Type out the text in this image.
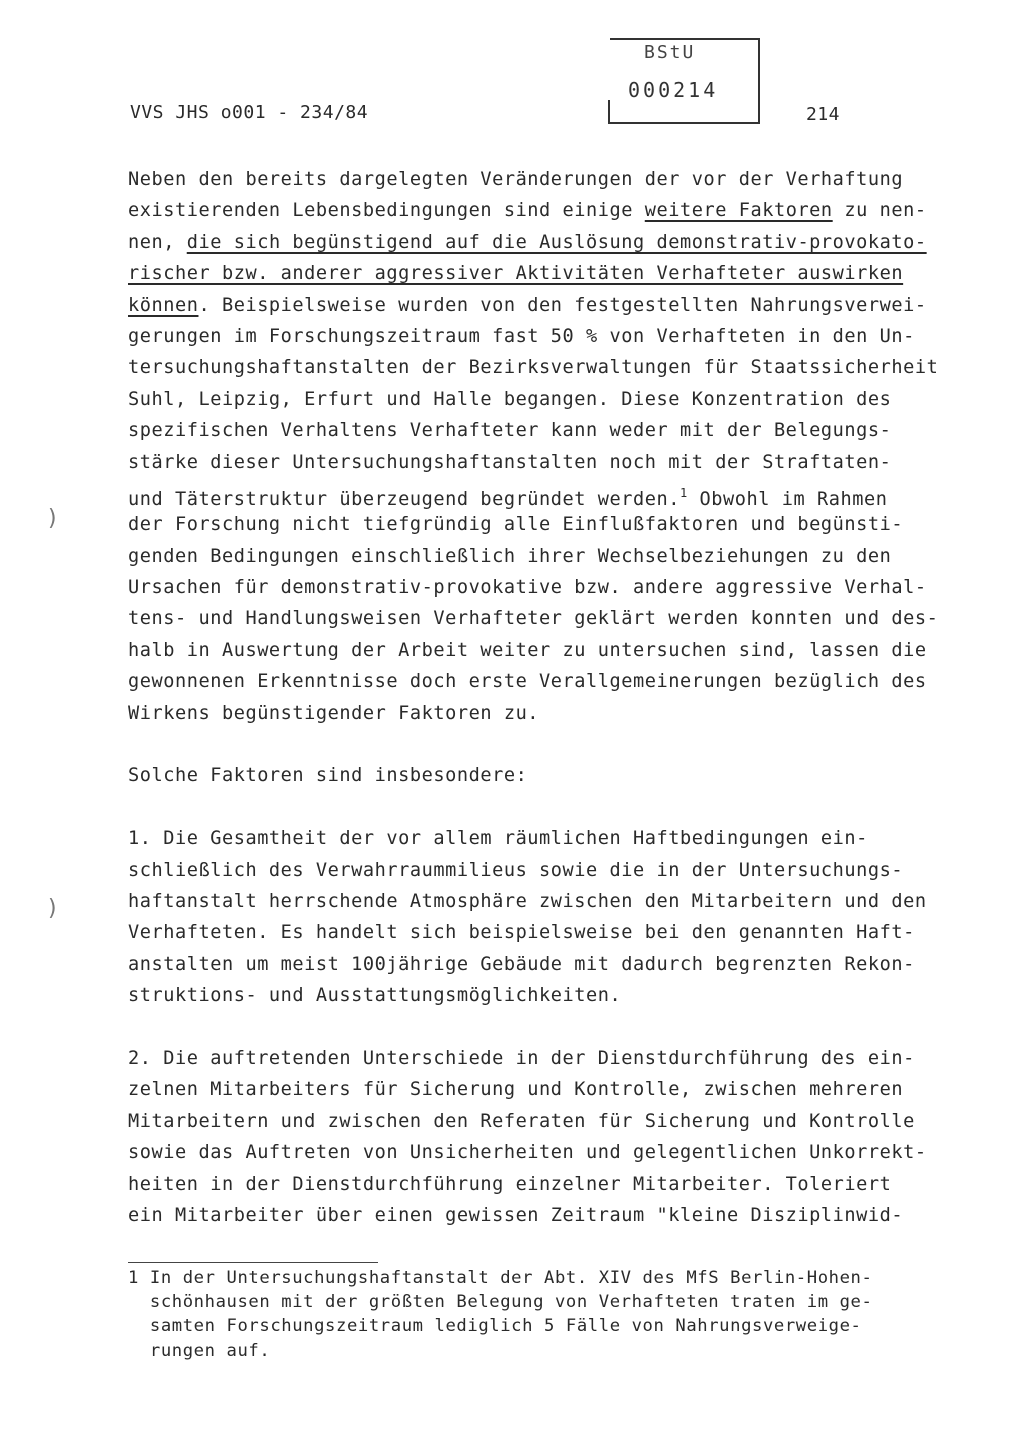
VVS JHS o001 - 234/84
BStU
000214
214
)
)
Neben den bereits dargelegten Veränderungen der vor der Verhaftung
existierenden Lebensbedingungen sind einige weitere Faktoren zu nen-
nen, die sich begünstigend auf die Auslösung demonstrativ-provokato-
rischer bzw. anderer aggressiver Aktivitäten Verhafteter auswirken
können. Beispielsweise wurden von den festgestellten Nahrungsverwei-
gerungen im Forschungszeitraum fast 50 % von Verhafteten in den Un-
tersuchungshaftanstalten der Bezirksverwaltungen für Staatssicherheit
Suhl, Leipzig, Erfurt und Halle begangen. Diese Konzentration des
spezifischen Verhaltens Verhafteter kann weder mit der Belegungs-
stärke dieser Untersuchungshaftanstalten noch mit der Straftaten-
und Täterstruktur überzeugend begründet werden.$^1$ Obwohl im Rahmen
der Forschung nicht tiefgründig alle Einflußfaktoren und begünsti-
genden Bedingungen einschließlich ihrer Wechselbeziehungen zu den
Ursachen für demonstrativ-provokative bzw. andere aggressive Verhal-
tens- und Handlungsweisen Verhafteter geklärt werden konnten und des-
halb in Auswertung der Arbeit weiter zu untersuchen sind, lassen die
gewonnenen Erkenntnisse doch erste Verallgemeinerungen bezüglich des
Wirkens begünstigender Faktoren zu.
Solche Faktoren sind insbesondere:
1. Die Gesamtheit der vor allem räumlichen Haftbedingungen ein-
schließlich des Verwahrraummilieus sowie die in der Untersuchungs-
haftanstalt herrschende Atmosphäre zwischen den Mitarbeitern und den
Verhafteten. Es handelt sich beispielsweise bei den genannten Haft-
anstalten um meist 100jährige Gebäude mit dadurch begrenzten Rekon-
struktions- und Ausstattungsmöglichkeiten.
2. Die auftretenden Unterschiede in der Dienstdurchführung des ein-
zelnen Mitarbeiters für Sicherung und Kontrolle, zwischen mehreren
Mitarbeitern und zwischen den Referaten für Sicherung und Kontrolle
sowie das Auftreten von Unsicherheiten und gelegentlichen Unkorrekt-
heiten in der Dienstdurchführung einzelner Mitarbeiter. Toleriert
ein Mitarbeiter über einen gewissen Zeitraum "kleine Disziplinwid-
1 In der Untersuchungshaftanstalt der Abt. XIV des MfS Berlin-Hohen-
schönhausen mit der größten Belegung von Verhafteten traten im ge-
samten Forschungszeitraum lediglich 5 Fälle von Nahrungsverweige-
rungen auf.
